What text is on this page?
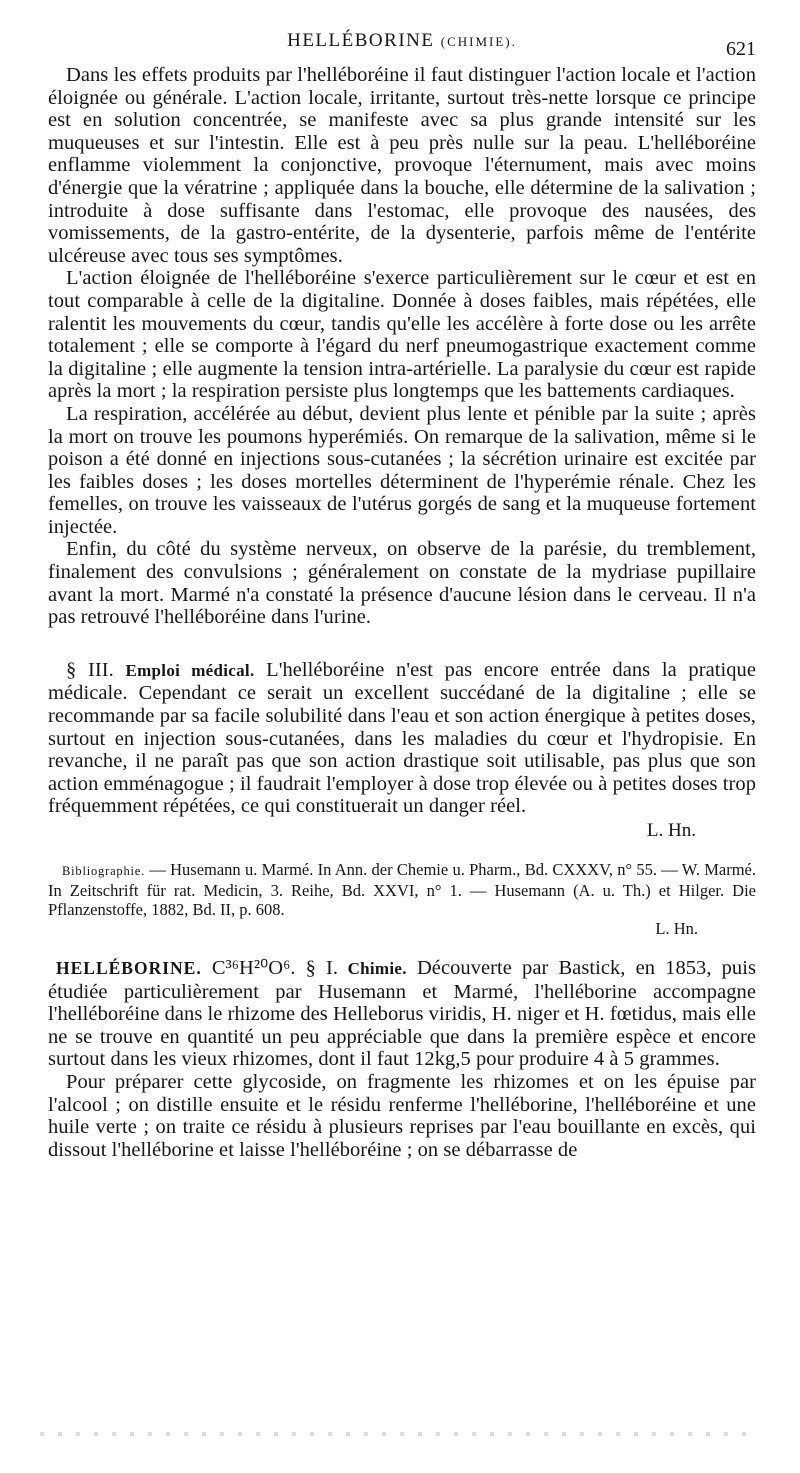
HELLÉBORINE (CHIMIE).	621

Dans les effets produits par l'helléboréine il faut distinguer l'action locale et l'action éloignée ou générale. L'action locale, irritante, surtout très-nette lorsque ce principe est en solution concentrée, se manifeste avec sa plus grande intensité sur les muqueuses et sur l'intestin. Elle est à peu près nulle sur la peau. L'helléboréine enflamme violemment la conjonctive, provoque l'éternument, mais avec moins d'énergie que la vératrine ; appliquée dans la bouche, elle détermine de la salivation ; introduite à dose suffisante dans l'estomac, elle provoque des nausées, des vomissements, de la gastro-entérite, de la dysenterie, parfois même de l'entérite ulcéreuse avec tous ses symptômes.

L'action éloignée de l'helléboréine s'exerce particulièrement sur le cœur et est en tout comparable à celle de la digitaline. Donnée à doses faibles, mais répétées, elle ralentit les mouvements du cœur, tandis qu'elle les accélère à forte dose ou les arrête totalement ; elle se comporte à l'égard du nerf pneumogastrique exactement comme la digitaline ; elle augmente la tension intra-artérielle. La paralysie du cœur est rapide après la mort ; la respiration persiste plus longtemps que les battements cardiaques.

La respiration, accélérée au début, devient plus lente et pénible par la suite ; après la mort on trouve les poumons hyperémiés. On remarque de la salivation, même si le poison a été donné en injections sous-cutanées ; la sécrétion urinaire est excitée par les faibles doses ; les doses mortelles déterminent de l'hyperémie rénale. Chez les femelles, on trouve les vaisseaux de l'utérus gorgés de sang et la muqueuse fortement injectée.

Enfin, du côté du système nerveux, on observe de la parésie, du tremblement, finalement des convulsions ; généralement on constate de la mydriase pupillaire avant la mort. Marmé n'a constaté la présence d'aucune lésion dans le cerveau. Il n'a pas retrouvé l'helléboréine dans l'urine.

§ III. Emploi médical. L'helléboréine n'est pas encore entrée dans la pratique médicale. Cependant ce serait un excellent succédané de la digitaline ; elle se recommande par sa facile solubilité dans l'eau et son action énergique à petites doses, surtout en injection sous-cutanées, dans les maladies du cœur et l'hydropisie. En revanche, il ne paraît pas que son action drastique soit utilisable, pas plus que son action emménagogue ; il faudrait l'employer à dose trop élevée ou à petites doses trop fréquemment répétées, ce qui constituerait un danger réel.

L. Hn.
Bibliographie. — Husemann u. Marmé. In Ann. der Chemie u. Pharm., Bd. CXXXV, n° 55. — W. Marmé. In Zeitschrift für rat. Medicin, 3. Reihe, Bd. XXVI, n° 1. — Husemann (A. u. Th.) et Hilger. Die Pflanzenstoffe, 1882, Bd. II, p. 608.
L. Hn.

HELLÉBORINE. C³⁶H²⁰O⁶. § I. Chimie. Découverte par Bastick, en 1853, puis étudiée particulièrement par Husemann et Marmé, l'helléborine accompagne l'helléboréine dans le rhizome des Helleborus viridis, H. niger et H. fœtidus, mais elle ne se trouve en quantité un peu appréciable que dans la première espèce et encore surtout dans les vieux rhizomes, dont il faut 12kg,5 pour produire 4 à 5 grammes.

Pour préparer cette glycoside, on fragmente les rhizomes et on les épuise par l'alcool ; on distille ensuite et le résidu renferme l'helléborine, l'helléboréine et une huile verte ; on traite ce résidu à plusieurs reprises par l'eau bouillante en excès, qui dissout l'helléborine et laisse l'helléboréine ; on se débarrasse de
